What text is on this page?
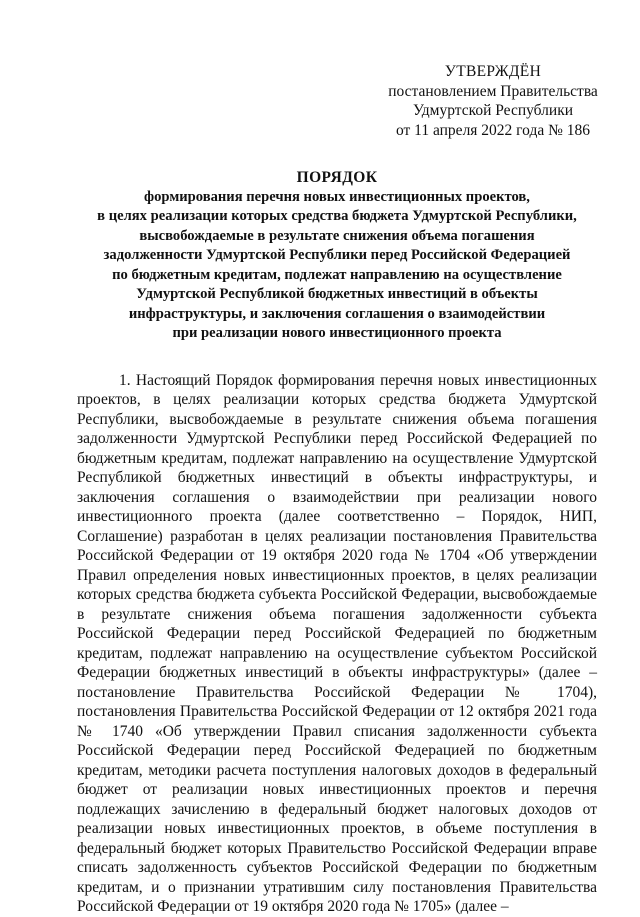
УТВЕРЖДЁН
постановлением Правительства
Удмуртской Республики
от 11 апреля 2022 года № 186
ПОРЯДОК
формирования перечня новых инвестиционных проектов,
в целях реализации которых средства бюджета Удмуртской Республики,
высвобождаемые в результате снижения объема погашения
задолженности Удмуртской Республики перед Российской Федерацией
по бюджетным кредитам, подлежат направлению на осуществление
Удмуртской Республикой бюджетных инвестиций в объекты
инфраструктуры, и заключения соглашения о взаимодействии
при реализации нового инвестиционного проекта

1. Настоящий Порядок формирования перечня новых инвестиционных проектов, в целях реализации которых средства бюджета Удмуртской Республики, высвобождаемые в результате снижения объема погашения задолженности Удмуртской Республики перед Российской Федерацией по бюджетным кредитам, подлежат направлению на осуществление Удмуртской Республикой бюджетных инвестиций в объекты инфраструктуры, и заключения соглашения о взаимодействии при реализации нового инвестиционного проекта (далее соответственно – Порядок, НИП, Соглашение) разработан в целях реализации постановления Правительства Российской Федерации от 19 октября 2020 года № 1704 «Об утверждении Правил определения новых инвестиционных проектов, в целях реализации которых средства бюджета субъекта Российской Федерации, высвобождаемые в результате снижения объема погашения задолженности субъекта Российской Федерации перед Российской Федерацией по бюджетным кредитам, подлежат направлению на осуществление субъектом Российской Федерации бюджетных инвестиций в объекты инфраструктуры» (далее – постановление Правительства Российской Федерации № 1704), постановления Правительства Российской Федерации от 12 октября 2021 года № 1740 «Об утверждении Правил списания задолженности субъекта Российской Федерации перед Российской Федерацией по бюджетным кредитам, методики расчета поступления налоговых доходов в федеральный бюджет от реализации новых инвестиционных проектов и перечня подлежащих зачислению в федеральный бюджет налоговых доходов от реализации новых инвестиционных проектов, в объеме поступления в федеральный бюджет которых Правительство Российской Федерации вправе списать задолженность субъектов Российской Федерации по бюджетным кредитам, и о признании утратившим силу постановления Правительства Российской Федерации от 19 октября 2020 года № 1705» (далее –
